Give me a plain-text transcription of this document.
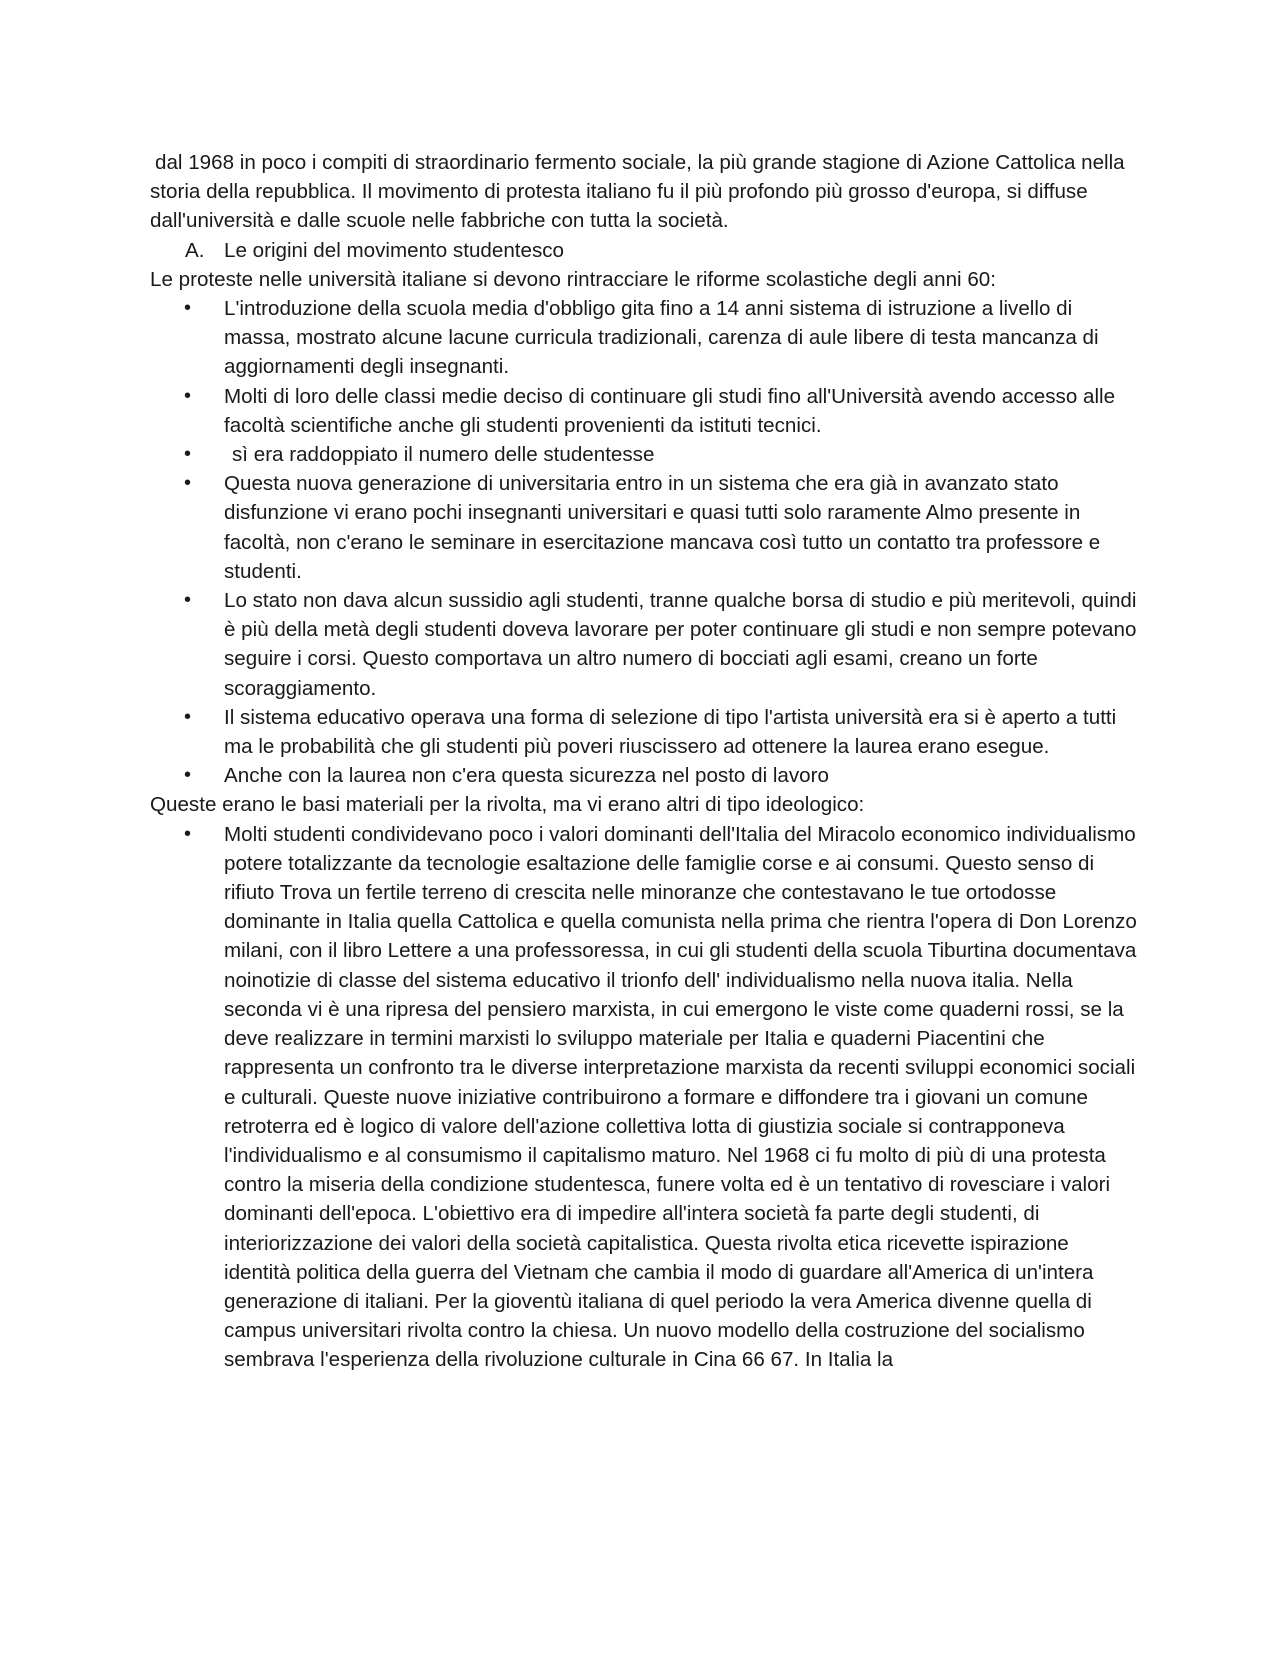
dal 1968 in poco i compiti di straordinario fermento sociale, la più grande stagione di Azione Cattolica nella storia della repubblica. Il movimento di protesta italiano fu il più profondo più grosso d'europa, si diffuse dall'università e dalle scuole nelle fabbriche con tutta la società.

A. Le origini del movimento studentesco

Le proteste nelle università italiane si devono rintracciare le riforme scolastiche degli anni 60:

• L'introduzione della scuola media d'obbligo gita fino a 14 anni sistema di istruzione a livello di massa, mostrato alcune lacune curricula tradizionali, carenza di aule libere di testa mancanza di aggiornamenti degli insegnanti.
• Molti di loro delle classi medie deciso di continuare gli studi fino all'Università avendo accesso alle facoltà scientifiche anche gli studenti provenienti da istituti tecnici.
• sì era raddoppiato il numero delle studentesse
• Questa nuova generazione di universitaria entro in un sistema che era già in avanzato stato disfunzione vi erano pochi insegnanti universitari e quasi tutti solo raramente Almo presente in facoltà, non c'erano le seminare in esercitazione mancava così tutto un contatto tra professore e studenti.
• Lo stato non dava alcun sussidio agli studenti, tranne qualche borsa di studio e più meritevoli, quindi è più della metà degli studenti doveva lavorare per poter continuare gli studi e non sempre potevano seguire i corsi. Questo comportava un altro numero di bocciati agli esami, creano un forte scoraggiamento.
• Il sistema educativo operava una forma di selezione di tipo l'artista università era si è aperto a tutti ma le probabilità che gli studenti più poveri riuscissero ad ottenere la laurea erano esegue.
• Anche con la laurea non c'era questa sicurezza nel posto di lavoro

Queste erano le basi materiali per la rivolta, ma vi erano altri di tipo ideologico:

• Molti studenti condividevano poco i valori dominanti dell'Italia del Miracolo economico individualismo potere totalizzante da tecnologie esaltazione delle famiglie corse e ai consumi. Questo senso di rifiuto Trova un fertile terreno di crescita nelle minoranze che contestavano le tue ortodosse dominante in Italia quella Cattolica e quella comunista nella prima che rientra l'opera di Don Lorenzo milani, con il libro Lettere a una professoressa, in cui gli studenti della scuola Tiburtina documentava noinotizie di classe del sistema educativo il trionfo dell' individualismo nella nuova italia. Nella seconda vi è una ripresa del pensiero marxista, in cui emergono le viste come quaderni rossi, se la deve realizzare in termini marxisti lo sviluppo materiale per Italia e quaderni Piacentini che rappresenta un confronto tra le diverse interpretazione marxista da recenti sviluppi economici sociali e culturali. Queste nuove iniziative contribuirono a formare e diffondere tra i giovani un comune retroterra ed è logico di valore dell'azione collettiva lotta di giustizia sociale si contrapponeva l'individualismo e al consumismo il capitalismo maturo. Nel 1968 ci fu molto di più di una protesta contro la miseria della condizione studentesca, funere volta ed è un tentativo di rovesciare i valori dominanti dell'epoca. L'obiettivo era di impedire all'intera società fa parte degli studenti, di interiorizzazione dei valori della società capitalistica. Questa rivolta etica ricevette ispirazione identità politica della guerra del Vietnam che cambia il modo di guardare all'America di un'intera generazione di italiani. Per la gioventù italiana di quel periodo la vera America divenne quella di campus universitari rivolta contro la chiesa. Un nuovo modello della costruzione del socialismo sembrava l'esperienza della rivoluzione culturale in Cina 66 67. In Italia la
